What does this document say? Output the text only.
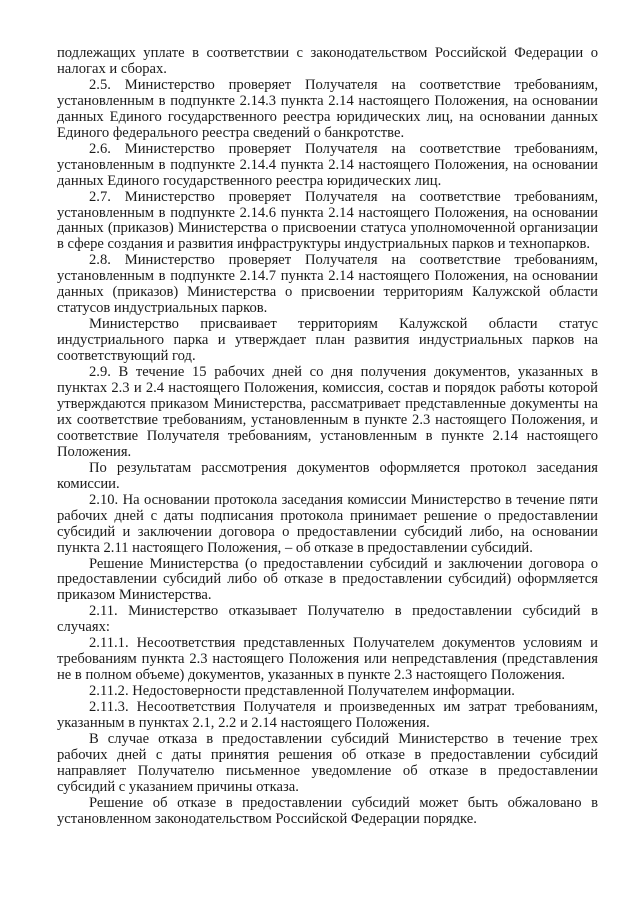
подлежащих уплате в соответствии с законодательством Российской Федерации о налогах и сборах.

2.5. Министерство проверяет Получателя на соответствие требованиям, установленным в подпункте 2.14.3 пункта 2.14 настоящего Положения, на основании данных Единого государственного реестра юридических лиц, на основании данных Единого федерального реестра сведений о банкротстве.

2.6. Министерство проверяет Получателя на соответствие требованиям, установленным в подпункте 2.14.4 пункта 2.14 настоящего Положения, на основании данных Единого государственного реестра юридических лиц.

2.7. Министерство проверяет Получателя на соответствие требованиям, установленным в подпункте 2.14.6 пункта 2.14 настоящего Положения, на основании данных (приказов) Министерства о присвоении статуса уполномоченной организации в сфере создания и развития инфраструктуры индустриальных парков и технопарков.

2.8. Министерство проверяет Получателя на соответствие требованиям, установленным в подпункте 2.14.7 пункта 2.14 настоящего Положения, на основании данных (приказов) Министерства о присвоении территориям Калужской области статусов индустриальных парков.

Министерство присваивает территориям Калужской области статус индустриального парка и утверждает план развития индустриальных парков на соответствующий год.

2.9. В течение 15 рабочих дней со дня получения документов, указанных в пунктах 2.3 и 2.4 настоящего Положения, комиссия, состав и порядок работы которой утверждаются приказом Министерства, рассматривает представленные документы на их соответствие требованиям, установленным в пункте 2.3 настоящего Положения, и соответствие Получателя требованиям, установленным в пункте 2.14 настоящего Положения.

По результатам рассмотрения документов оформляется протокол заседания комиссии.

2.10. На основании протокола заседания комиссии Министерство в течение пяти рабочих дней с даты подписания протокола принимает решение о предоставлении субсидий и заключении договора о предоставлении субсидий либо, на основании пункта 2.11 настоящего Положения, – об отказе в предоставлении субсидий.

Решение Министерства (о предоставлении субсидий и заключении договора о предоставлении субсидий либо об отказе в предоставлении субсидий) оформляется приказом Министерства.

2.11. Министерство отказывает Получателю в предоставлении субсидий в случаях:

2.11.1. Несоответствия представленных Получателем документов условиям и требованиям пункта 2.3 настоящего Положения или непредставления (представления не в полном объеме) документов, указанных в пункте 2.3 настоящего Положения.

2.11.2. Недостоверности представленной Получателем информации.

2.11.3. Несоответствия Получателя и произведенных им затрат требованиям, указанным в пунктах 2.1, 2.2 и 2.14 настоящего Положения.

В случае отказа в предоставлении субсидий Министерство в течение трех рабочих дней с даты принятия решения об отказе в предоставлении субсидий направляет Получателю письменное уведомление об отказе в предоставлении субсидий с указанием причины отказа.

Решение об отказе в предоставлении субсидий может быть обжаловано в установленном законодательством Российской Федерации порядке.
